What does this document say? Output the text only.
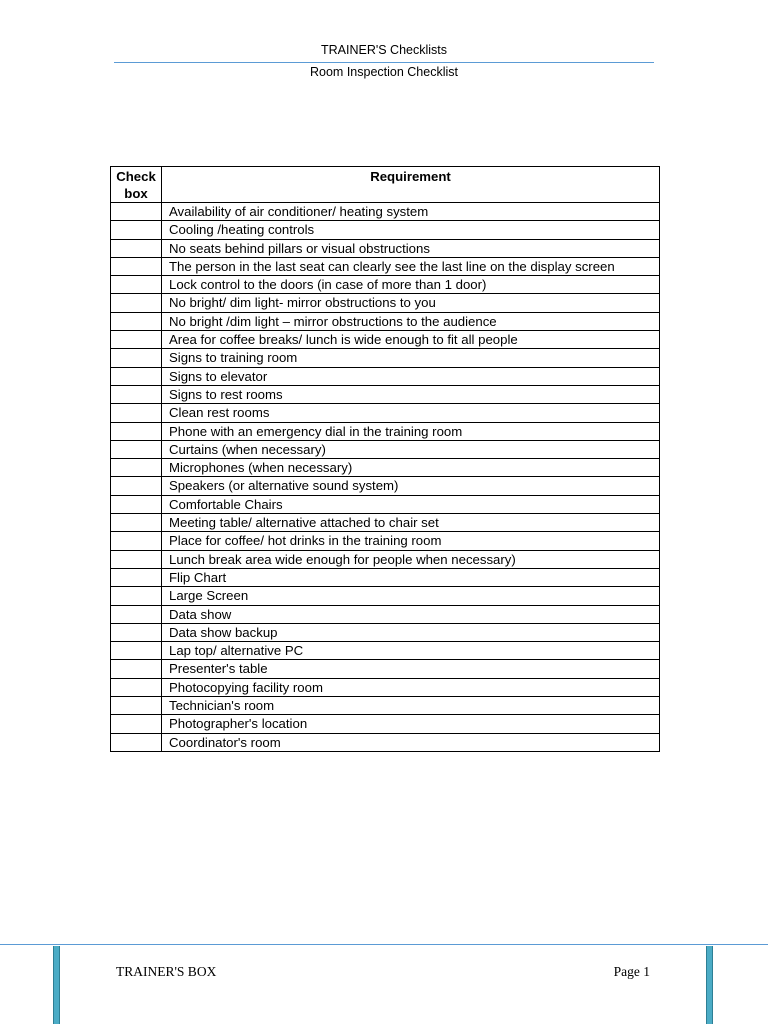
TRAINER'S Checklists
Room Inspection Checklist
Check box	Requirement
	Availability of air conditioner/ heating system
	Cooling /heating controls
	No seats behind pillars or visual obstructions
	The person in the last seat can clearly see the last line on the display screen
	Lock control to the doors (in case of more than 1 door)
	No bright/ dim light- mirror obstructions to you
	No bright /dim light – mirror obstructions to the audience
	Area for coffee breaks/ lunch is wide enough to fit all people
	Signs to training room
	Signs to elevator
	Signs to rest rooms
	Clean rest rooms
	Phone with an emergency dial in the training room
	Curtains (when necessary)
	Microphones (when necessary)
	Speakers (or alternative sound system)
	Comfortable Chairs
	Meeting table/ alternative attached to chair set
	Place for coffee/ hot drinks in the training room
	Lunch break area wide enough for people when necessary)
	Flip Chart
	Large Screen
	Data show
	Data show backup
	Lap top/ alternative PC
	Presenter's table
	Photocopying facility room
	Technician's room
	Photographer's location
	Coordinator's room
TRAINER'S BOX	Page 1
